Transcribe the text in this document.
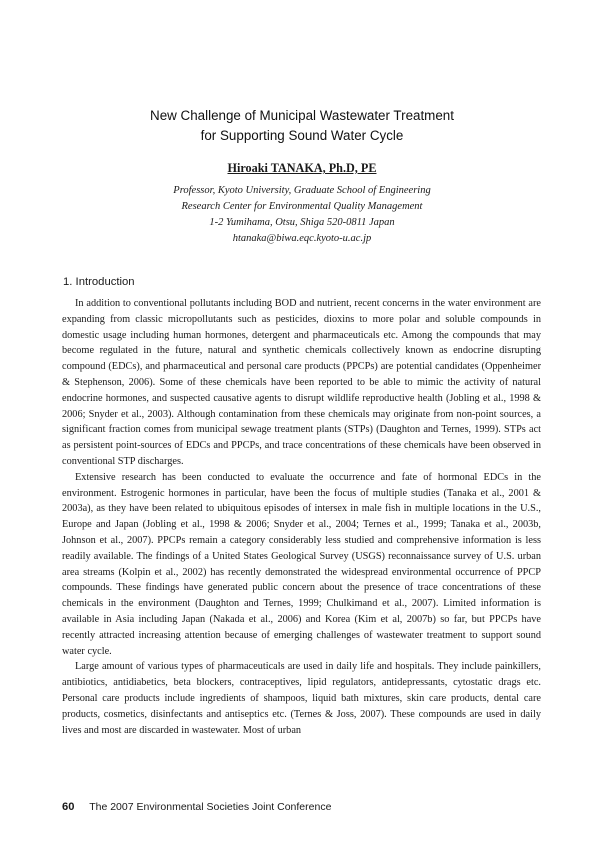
New Challenge of Municipal Wastewater Treatment
for Supporting Sound Water Cycle
Hiroaki TANAKA, Ph.D, PE
Professor, Kyoto University, Graduate School of Engineering
Research Center for Environmental Quality Management
1-2 Yumihama, Otsu, Shiga 520-0811 Japan
htanaka@biwa.eqc.kyoto-u.ac.jp
1. Introduction

In addition to conventional pollutants including BOD and nutrient, recent concerns in the water environment are expanding from classic micropollutants such as pesticides, dioxins to more polar and soluble compounds in domestic usage including human hormones, detergent and pharmaceuticals etc. Among the compounds that may become regulated in the future, natural and synthetic chemicals collectively known as endocrine disrupting compound (EDCs), and pharmaceutical and personal care products (PPCPs) are potential candidates (Oppenheimer & Stephenson, 2006). Some of these chemicals have been reported to be able to mimic the activity of natural endocrine hormones, and suspected causative agents to disrupt wildlife reproductive health (Jobling et al., 1998 & 2006; Snyder et al., 2003). Although contamination from these chemicals may originate from non-point sources, a significant fraction comes from municipal sewage treatment plants (STPs) (Daughton and Ternes, 1999). STPs act as persistent point-sources of EDCs and PPCPs, and trace concentrations of these chemicals have been observed in conventional STP discharges.

Extensive research has been conducted to evaluate the occurrence and fate of hormonal EDCs in the environment. Estrogenic hormones in particular, have been the focus of multiple studies (Tanaka et al., 2001 & 2003a), as they have been related to ubiquitous episodes of intersex in male fish in multiple locations in the U.S., Europe and Japan (Jobling et al., 1998 & 2006; Snyder et al., 2004; Ternes et al., 1999; Tanaka et al., 2003b, Johnson et al., 2007). PPCPs remain a category considerably less studied and comprehensive information is less readily available. The findings of a United States Geological Survey (USGS) reconnaissance survey of U.S. urban area streams (Kolpin et al., 2002) has recently demonstrated the widespread environmental occurrence of PPCP compounds. These findings have generated public concern about the presence of trace concentrations of these chemicals in the environment (Daughton and Ternes, 1999; Chulkimand et al., 2007). Limited information is available in Asia including Japan (Nakada et al., 2006) and Korea (Kim et al, 2007b) so far, but PPCPs have recently attracted increasing attention because of emerging challenges of wastewater treatment to support sound water cycle.

Large amount of various types of pharmaceuticals are used in daily life and hospitals. They include painkillers, antibiotics, antidiabetics, beta blockers, contraceptives, lipid regulators, antidepressants, cytostatic drags etc. Personal care products include ingredients of shampoos, liquid bath mixtures, skin care products, dental care products, cosmetics, disinfectants and antiseptics etc. (Ternes & Joss, 2007). These compounds are used in daily lives and most are discarded in wastewater. Most of urban

60 The 2007 Environmental Societies Joint Conference
